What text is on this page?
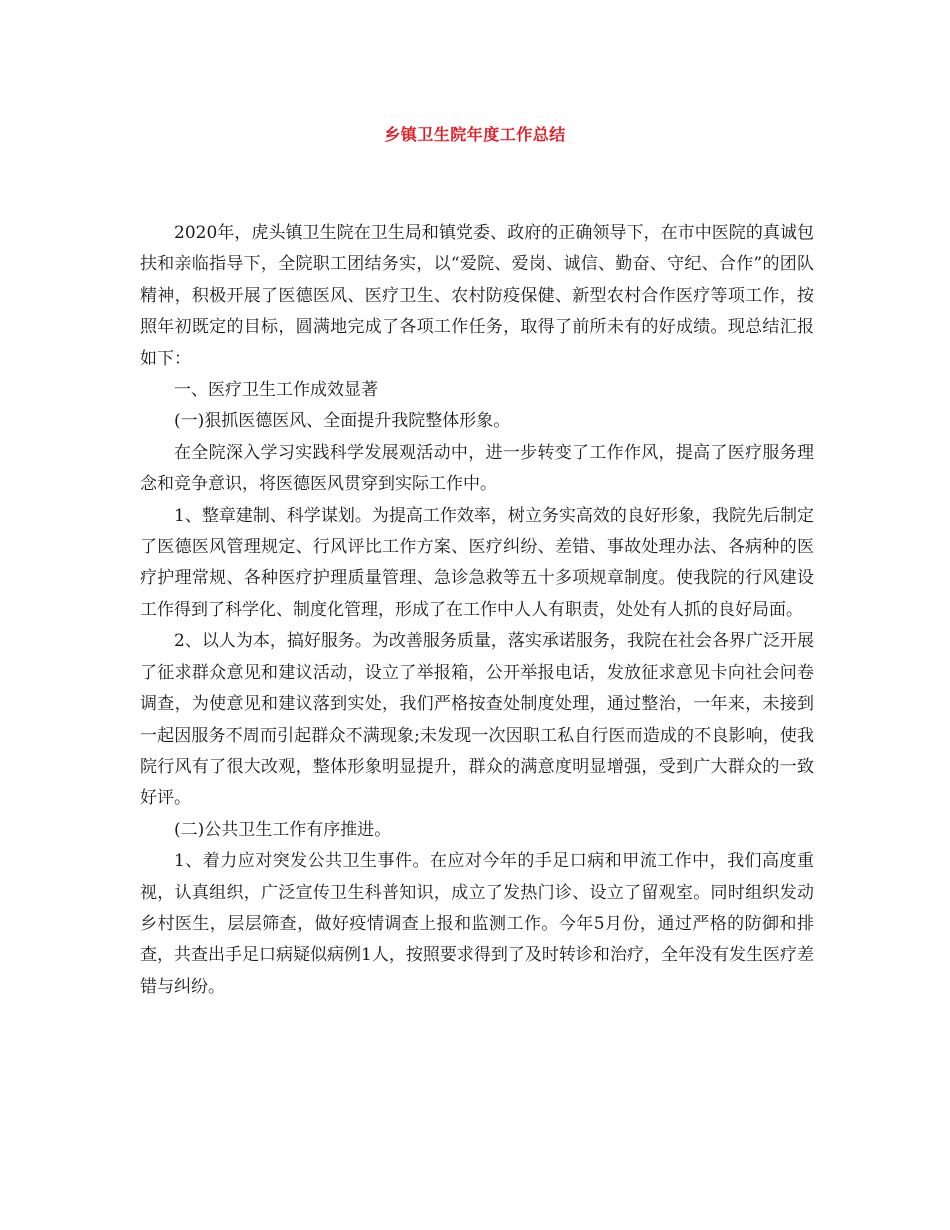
乡镇卫生院年度工作总结

2020年，虎头镇卫生院在卫生局和镇党委、政府的正确领导下，在市中医院的真诚包扶和亲临指导下，全院职工团结务实，以“爱院、爱岗、诚信、勤奋、守纪、合作”的团队精神，积极开展了医德医风、医疗卫生、农村防疫保健、新型农村合作医疗等项工作，按照年初既定的目标，圆满地完成了各项工作任务，取得了前所未有的好成绩。现总结汇报如下：

一、医疗卫生工作成效显著

(一)狠抓医德医风、全面提升我院整体形象。

在全院深入学习实践科学发展观活动中，进一步转变了工作作风，提高了医疗服务理念和竞争意识，将医德医风贯穿到实际工作中。

1、整章建制、科学谋划。为提高工作效率，树立务实高效的良好形象，我院先后制定了医德医风管理规定、行风评比工作方案、医疗纠纷、差错、事故处理办法、各病种的医疗护理常规、各种医疗护理质量管理、急诊急救等五十多项规章制度。使我院的行风建设工作得到了科学化、制度化管理，形成了在工作中人人有职责，处处有人抓的良好局面。

2、以人为本，搞好服务。为改善服务质量，落实承诺服务，我院在社会各界广泛开展了征求群众意见和建议活动，设立了举报箱，公开举报电话，发放征求意见卡向社会问卷调查，为使意见和建议落到实处，我们严格按查处制度处理，通过整治，一年来，未接到一起因服务不周而引起群众不满现象;未发现一次因职工私自行医而造成的不良影响，使我院行风有了很大改观，整体形象明显提升，群众的满意度明显增强，受到广大群众的一致好评。

(二)公共卫生工作有序推进。

1、着力应对突发公共卫生事件。在应对今年的手足口病和甲流工作中，我们高度重视，认真组织，广泛宣传卫生科普知识，成立了发热门诊、设立了留观室。同时组织发动乡村医生，层层筛查，做好疫情调查上报和监测工作。今年5月份，通过严格的防御和排查，共查出手足口病疑似病例1人，按照要求得到了及时转诊和治疗，全年没有发生医疗差错与纠纷。
